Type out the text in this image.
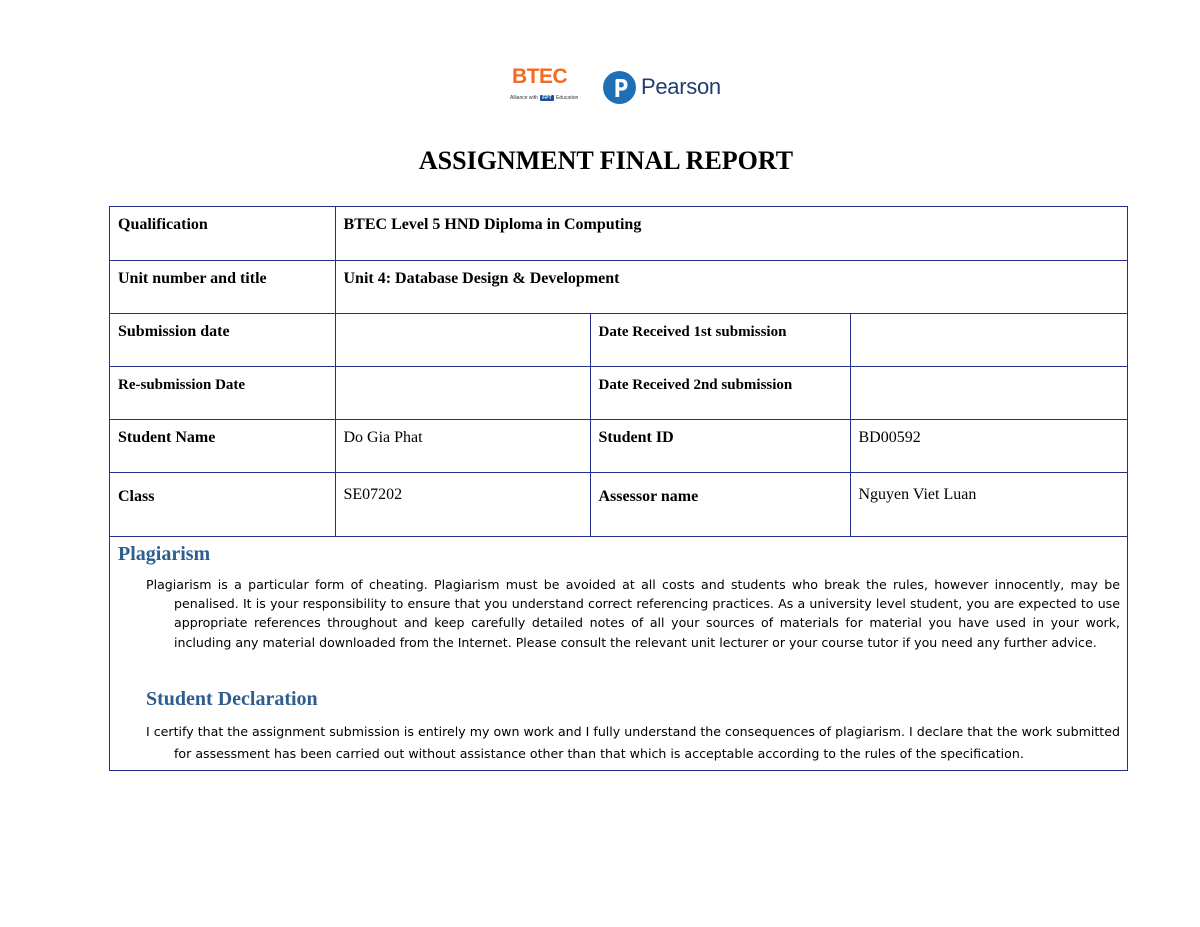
BTEC
Alliance with FPT Education	Pearson
ASSIGNMENT FINAL REPORT
Qualification	BTEC Level 5 HND Diploma in Computing		
Unit number and title	Unit 4: Database Design & Development		
Submission date		Date Received 1st submission	
Re-submission Date		Date Received 2nd submission	
Student Name	Do Gia Phat	Student ID	BD00592
Class	SE07202	Assessor name	Nguyen Viet Luan
Plagiarism
Plagiarism is a particular form of cheating. Plagiarism must be avoided at all costs and students who break the rules, however innocently, may be penalised. It is your responsibility to ensure that you understand correct referencing practices. As a university level student, you are expected to use appropriate references throughout and keep carefully detailed notes of all your sources of materials for material you have used in your work, including any material downloaded from the Internet. Please consult the relevant unit lecturer or your course tutor if you need any further advice.
Student Declaration
I certify that the assignment submission is entirely my own work and I fully understand the consequences of plagiarism. I declare that the work submitted for assessment has been carried out without assistance other than that which is acceptable according to the rules of the specification.
